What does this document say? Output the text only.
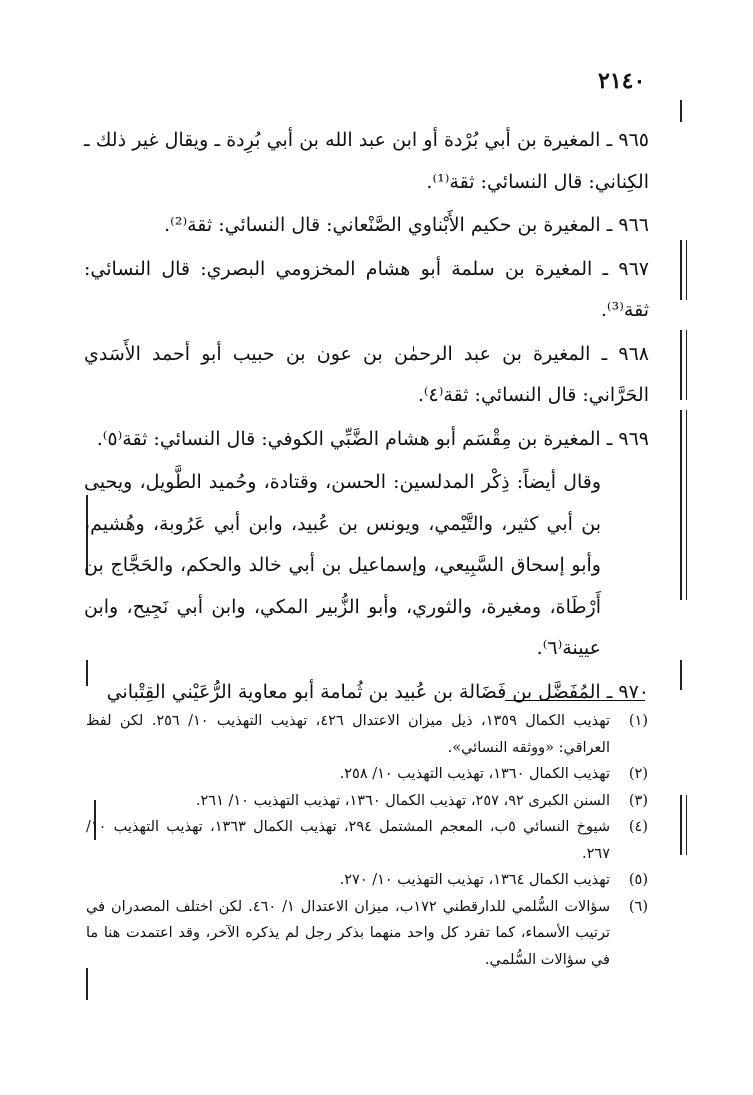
٢١٤٠
٩٦٥ ـ المغيرة بن أبي بُرْدة أو ابن عبد الله بن أبي بُرِدة ـ ويقال غير ذلك ـ الكِناني: قال النسائي: ثقة⁽¹⁾.
٩٦٦ ـ المغيرة بن حكيم الأَبْناوي الصَّنْعاني: قال النسائي: ثقة⁽²⁾.
٩٦٧ ـ المغيرة بن سلمة أبو هشام المخزومي البصري: قال النسائي: ثقة⁽³⁾.
٩٦٨ ـ المغيرة بن عبد الرحمٰن بن عون بن حبيب أبو أحمد الأَسَدي الحَرَّاني: قال النسائي: ثقة⁽٤⁾.
٩٦٩ ـ المغيرة بن مِقْسَم أبو هشام الضَّبِّي الكوفي: قال النسائي: ثقة⁽٥⁾.
وقال أيضاً: ذِكْر المدلسين: الحسن، وقتادة، وحُميد الطَّويل، ويحيى بن أبي كثير، والتَّيْمي، ويونس بن عُبيد، وابن أبي عَرُوبة، وهُشيم، وأبو إسحاق السَّبِيعي، وإسماعيل بن أبي خالد والحكم، والحَجَّاج بن أَرْطَاة، ومغيرة، والثوري، وأبو الزُّبير المكي، وابن أبي نَجِيح، وابن عيينة⁽٦⁾.
٩٧٠ ـ المُفَضَّل بن فَضَالة بن عُبيد بن ثُمامة أبو معاوية الرُّعَيْني القِتْباني
(١)
تهذيب الكمال ١٣٥٩، ذيل ميزان الاعتدال ٤٢٦، تهذيب التهذيب ١٠/ ٢٥٦. لكن لفظ العراقي: «ووثقه النسائي».
(٢)
تهذيب الكمال ١٣٦٠، تهذيب التهذيب ١٠/ ٢٥٨.
(٣)
السنن الكبرى ٩٢، ٢٥٧، تهذيب الكمال ١٣٦٠، تهذيب التهذيب ١٠/ ٢٦١.
(٤)
شيوخ النسائي ٥ب، المعجم المشتمل ٢٩٤، تهذيب الكمال ١٣٦٣، تهذيب التهذيب ١٠/ ٢٦٧.
(٥)
تهذيب الكمال ١٣٦٤، تهذيب التهذيب ١٠/ ٢٧٠.
(٦)
سؤالات السُّلمي للدارقطني ١٧٢ب، ميزان الاعتدال ١/ ٤٦٠. لكن اختلف المصدران في ترتيب الأسماء، كما تفرد كل واحد منهما بذكر رجل لم يذكره الآخر، وقد اعتمدت هنا ما في سؤالات السُّلمي.
